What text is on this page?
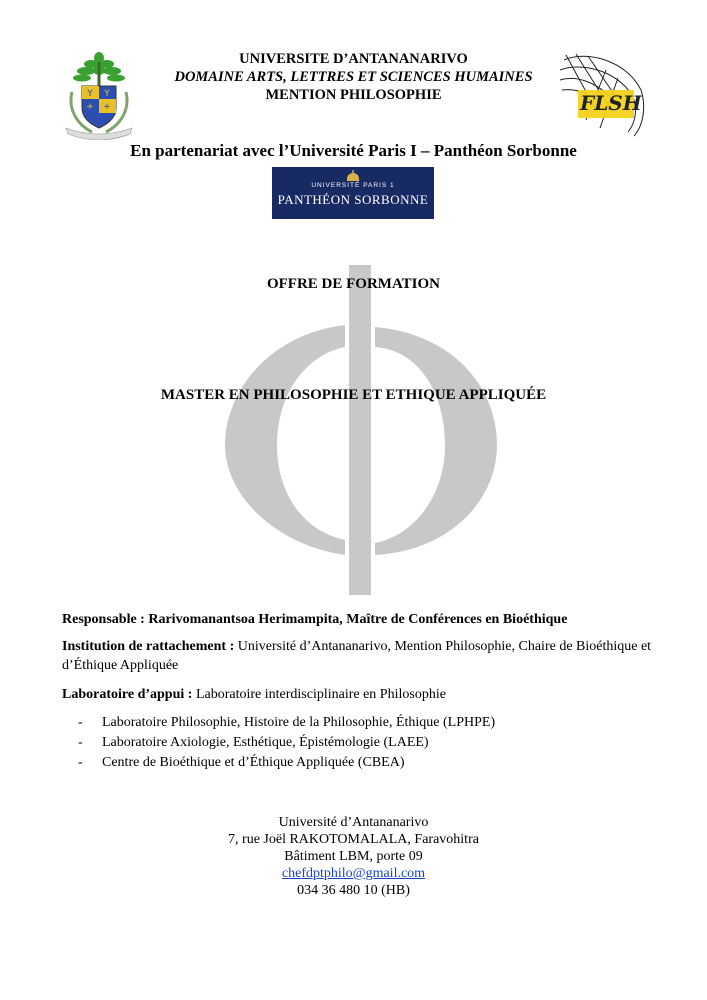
Y Y
+ +	FLSH
UNIVERSITE D’ANTANANARIVO
DOMAINE ARTS, LETTRES ET SCIENCES HUMAINES
MENTION PHILOSOPHIE
En partenariat avec l’Université Paris I – Panthéon Sorbonne
UNIVERSITÉ PARIS 1
PANTHÉON SORBONNE
OFFRE DE FORMATION
MASTER EN PHILOSOPHIE ET ETHIQUE APPLIQUÉE
Responsable : Rarivomanantsoa Herimampita, Maître de Conférences en Bioéthique
Institution de rattachement : Université d’Antananarivo, Mention Philosophie, Chaire de Bioéthique et d’Éthique Appliquée
Laboratoire d’appui : Laboratoire interdisciplinaire en Philosophie
- Laboratoire Philosophie, Histoire de la Philosophie, Éthique (LPHPE)
- Laboratoire Axiologie, Esthétique, Épistémologie (LAEE)
- Centre de Bioéthique et d’Éthique Appliquée (CBEA)
Université d’Antananarivo
7, rue Joël RAKOTOMALALA, Faravohitra
Bâtiment LBM, porte 09
chefdptphilo@gmail.com
034 36 480 10 (HB)
